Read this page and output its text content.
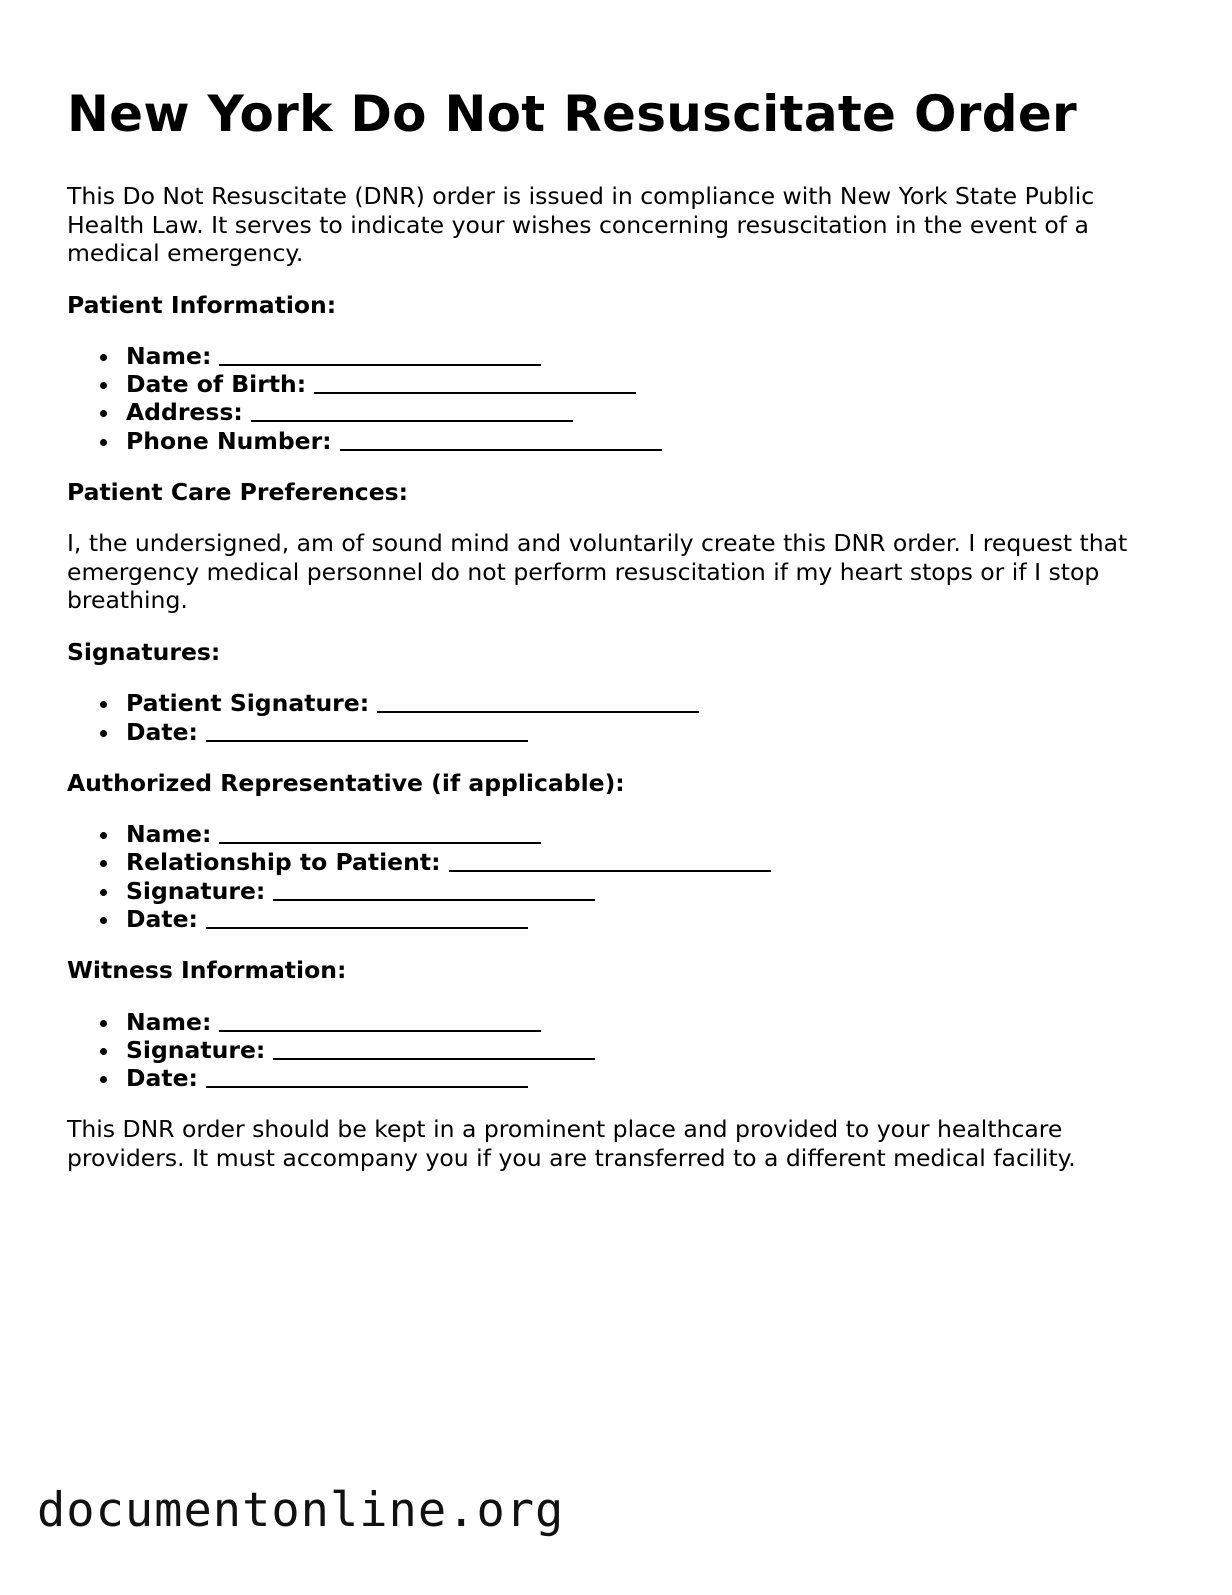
New York Do Not Resuscitate Order

This Do Not Resuscitate (DNR) order is issued in compliance with New York State Public Health Law. It serves to indicate your wishes concerning resuscitation in the event of a medical emergency.

Patient Information:

Name:
Date of Birth:
Address:
Phone Number:

Patient Care Preferences:

I, the undersigned, am of sound mind and voluntarily create this DNR order. I request that emergency medical personnel do not perform resuscitation if my heart stops or if I stop breathing.

Signatures:

Patient Signature:
Date:

Authorized Representative (if applicable):

Name:
Relationship to Patient:
Signature:
Date:

Witness Information:

Name:
Signature:
Date:

This DNR order should be kept in a prominent place and provided to your healthcare providers. It must accompany you if you are transferred to a different medical facility.

documentonline.org
